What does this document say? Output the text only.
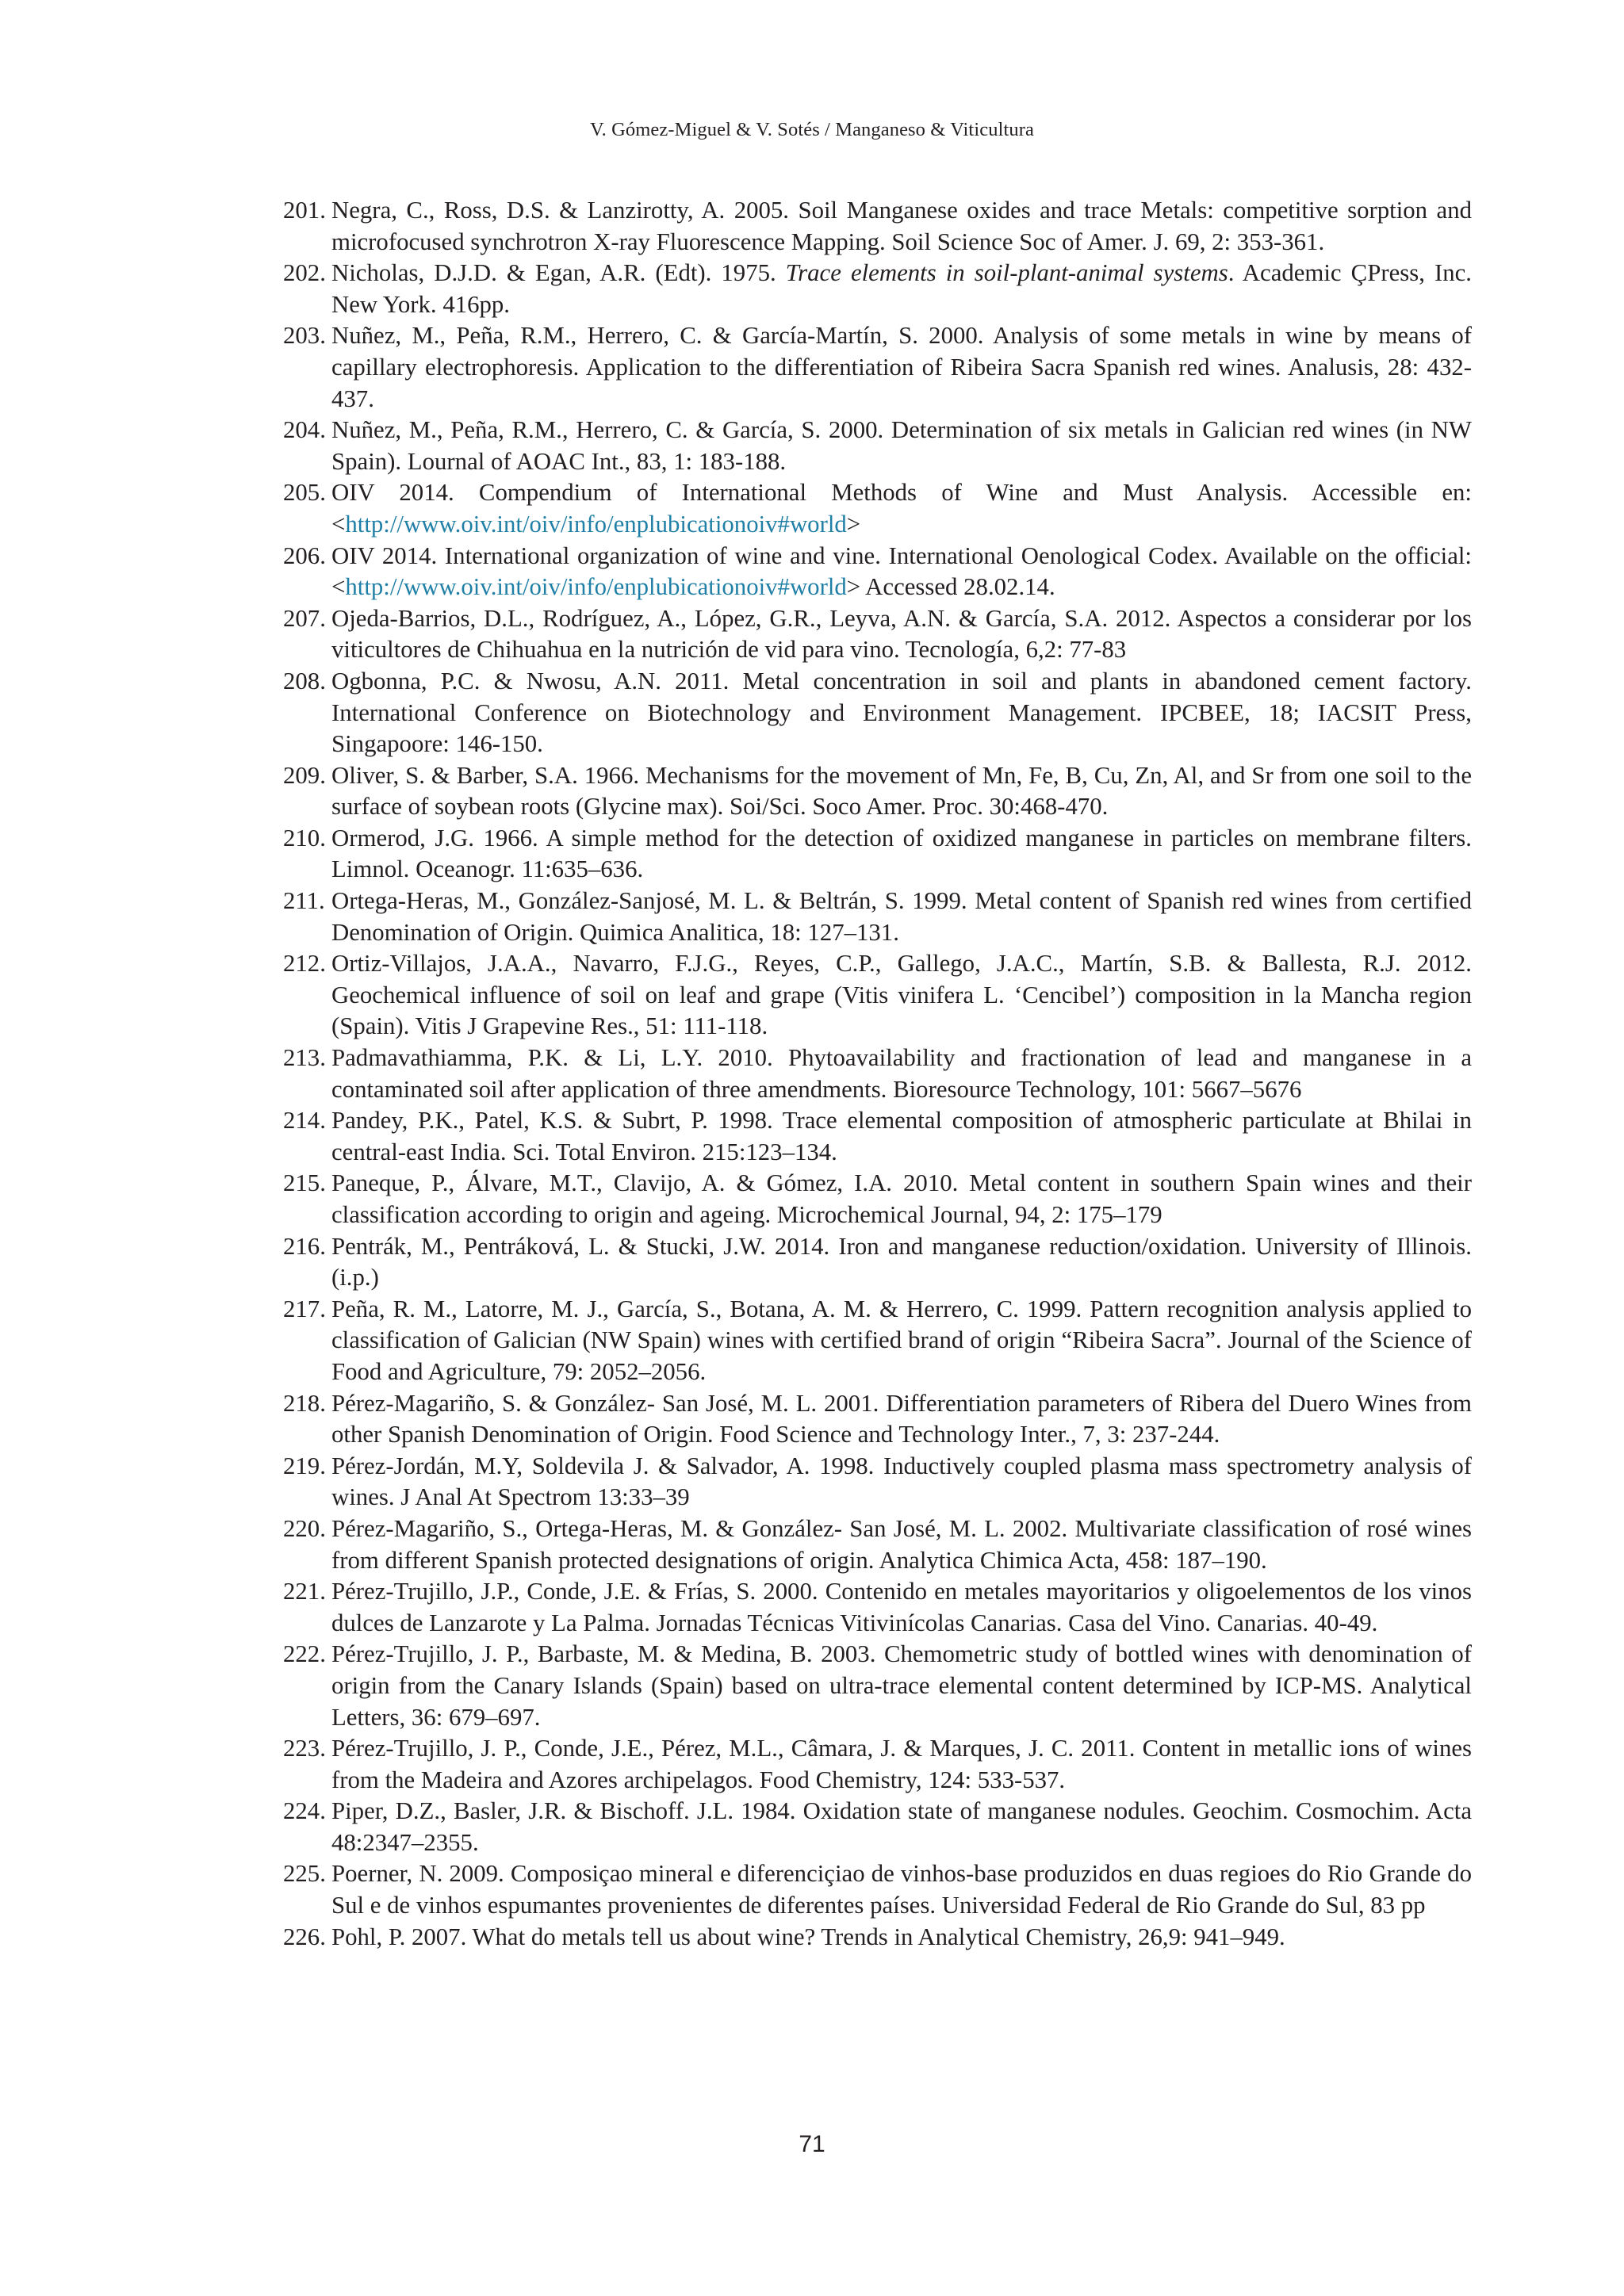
V. Gómez-Miguel & V. Sotés / Manganeso & Viticultura
201. Negra, C., Ross, D.S. & Lanzirotty, A. 2005. Soil Manganese oxides and trace Metals: competitive sorption and microfocused synchrotron X-ray Fluorescence Mapping. Soil Science Soc of Amer. J. 69, 2: 353-361.
202. Nicholas, D.J.D. & Egan, A.R. (Edt). 1975. Trace elements in soil-plant-animal systems. Academic ÇPress, Inc. New York. 416pp.
203. Nuñez, M., Peña, R.M., Herrero, C. & García-Martín, S. 2000. Analysis of some metals in wine by means of capillary electrophoresis. Application to the differentiation of Ribeira Sacra Spanish red wines. Analusis, 28: 432-437.
204. Nuñez, M., Peña, R.M., Herrero, C. & García, S. 2000. Determination of six metals in Galician red wines (in NW Spain). Lournal of AOAC Int., 83, 1: 183-188.
205. OIV 2014. Compendium of International Methods of Wine and Must Analysis. Accessible en: <http://www.oiv.int/oiv/info/enplubicationoiv#world>
206. OIV 2014. International organization of wine and vine. International Oenological Codex. Available on the official: <http://www.oiv.int/oiv/info/enplubicationoiv#world> Accessed 28.02.14.
207. Ojeda-Barrios, D.L., Rodríguez, A., López, G.R., Leyva, A.N. & García, S.A. 2012. Aspectos a considerar por los viticultores de Chihuahua en la nutrición de vid para vino. Tecnología, 6,2: 77-83
208. Ogbonna, P.C. & Nwosu, A.N. 2011. Metal concentration in soil and plants in abandoned cement factory. International Conference on Biotechnology and Environment Management. IPCBEE, 18; IACSIT Press, Singapoore: 146-150.
209. Oliver, S. & Barber, S.A. 1966. Mechanisms for the movement of Mn, Fe, B, Cu, Zn, Al, and Sr from one soil to the surface of soybean roots (Glycine max). Soi/Sci. Soco Amer. Proc. 30:468-470.
210. Ormerod, J.G. 1966. A simple method for the detection of oxidized manganese in particles on membrane filters. Limnol. Oceanogr. 11:635–636.
211. Ortega-Heras, M., González-Sanjosé, M. L. & Beltrán, S. 1999. Metal content of Spanish red wines from certified Denomination of Origin. Quimica Analitica, 18: 127–131.
212. Ortiz-Villajos, J.A.A., Navarro, F.J.G., Reyes, C.P., Gallego, J.A.C., Martín, S.B. & Ballesta, R.J. 2012. Geochemical influence of soil on leaf and grape (Vitis vinifera L. ‘Cencibel’) composition in la Mancha region (Spain). Vitis J Grapevine Res., 51: 111-118.
213. Padmavathiamma, P.K. & Li, L.Y. 2010. Phytoavailability and fractionation of lead and manganese in a contaminated soil after application of three amendments. Bioresource Technology, 101: 5667–5676
214. Pandey, P.K., Patel, K.S. & Subrt, P. 1998. Trace elemental composition of atmospheric particulate at Bhilai in central-east India. Sci. Total Environ. 215:123–134.
215. Paneque, P., Álvare, M.T., Clavijo, A. & Gómez, I.A. 2010. Metal content in southern Spain wines and their classification according to origin and ageing. Microchemical Journal, 94, 2: 175–179
216. Pentrák, M., Pentráková, L. & Stucki, J.W. 2014. Iron and manganese reduction/oxidation. University of Illinois. (i.p.)
217. Peña, R. M., Latorre, M. J., García, S., Botana, A. M. & Herrero, C. 1999. Pattern recognition analysis applied to classification of Galician (NW Spain) wines with certified brand of origin “Ribeira Sacra”. Journal of the Science of Food and Agriculture, 79: 2052–2056.
218. Pérez-Magariño, S. & González- San José, M. L. 2001. Differentiation parameters of Ribera del Duero Wines from other Spanish Denomination of Origin. Food Science and Technology Inter., 7, 3: 237-244.
219. Pérez-Jordán, M.Y, Soldevila J. & Salvador, A. 1998. Inductively coupled plasma mass spectrometry analysis of wines. J Anal At Spectrom 13:33–39
220. Pérez-Magariño, S., Ortega-Heras, M. & González- San José, M. L. 2002. Multivariate classification of rosé wines from different Spanish protected designations of origin. Analytica Chimica Acta, 458: 187–190.
221. Pérez-Trujillo, J.P., Conde, J.E. & Frías, S. 2000. Contenido en metales mayoritarios y oligoelementos de los vinos dulces de Lanzarote y La Palma. Jornadas Técnicas Vitivinícolas Canarias. Casa del Vino. Canarias. 40-49.
222. Pérez-Trujillo, J. P., Barbaste, M. & Medina, B. 2003. Chemometric study of bottled wines with denomination of origin from the Canary Islands (Spain) based on ultra-trace elemental content determined by ICP-MS. Analytical Letters, 36: 679–697.
223. Pérez-Trujillo, J. P., Conde, J.E., Pérez, M.L., Câmara, J. & Marques, J. C. 2011. Content in metallic ions of wines from the Madeira and Azores archipelagos. Food Chemistry, 124: 533-537.
224. Piper, D.Z., Basler, J.R. & Bischoff. J.L. 1984. Oxidation state of manganese nodules. Geochim. Cosmochim. Acta 48:2347–2355.
225. Poerner, N. 2009. Composiçao mineral e diferenciçiao de vinhos-base produzidos en duas regioes do Rio Grande do Sul e de vinhos espumantes provenientes de diferentes países. Universidad Federal de Rio Grande do Sul, 83 pp
226. Pohl, P. 2007. What do metals tell us about wine? Trends in Analytical Chemistry, 26,9: 941–949.
71
